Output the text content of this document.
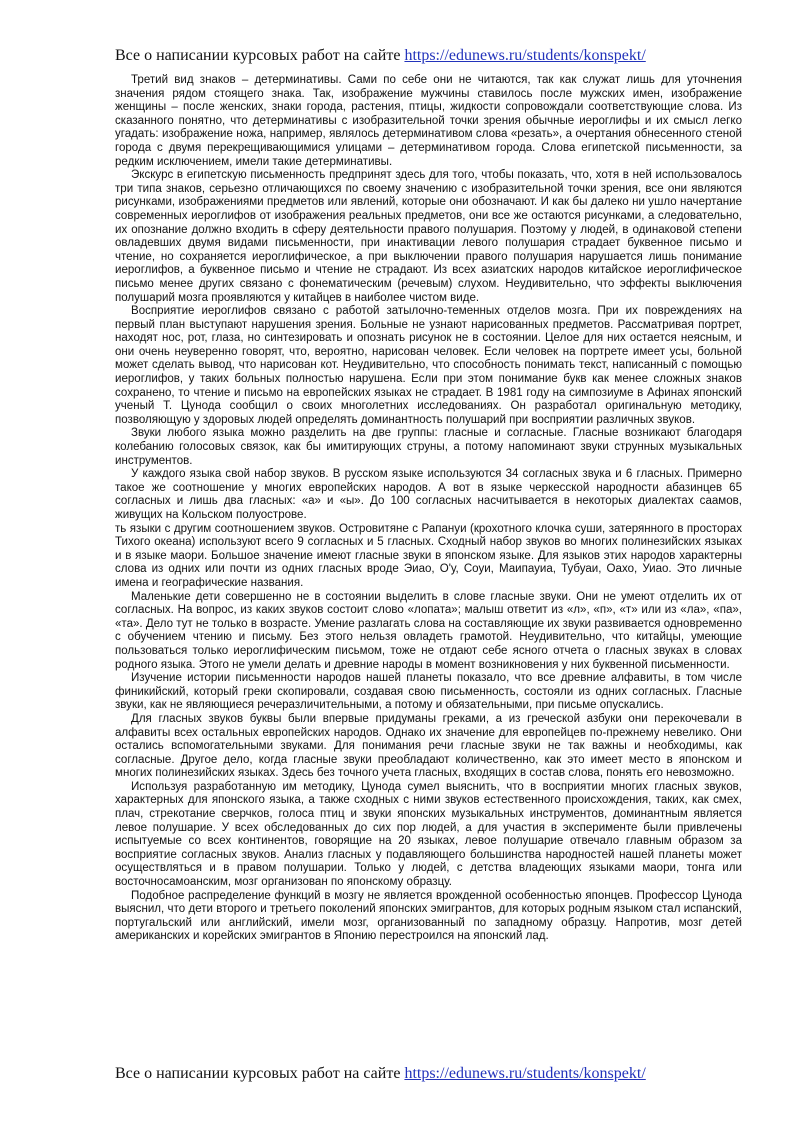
Все о написании курсовых работ на сайте https://edunews.ru/students/konspekt/

Третий вид знаков – детерминативы. Сами по себе они не читаются, так как служат лишь для уточнения значения рядом стоящего знака. Так, изображение мужчины ставилось после мужских имен, изображение женщины – после женских, знаки города, растения, птицы, жидкости сопровождали соответствующие слова. Из сказанного понятно, что детерминативы с изобразительной точки зрения обычные иероглифы и их смысл легко угадать: изображение ножа, например, являлось детерминативом слова «резать», а очертания обнесенного стеной города с двумя перекрещивающимися улицами – детерминативом города. Слова египетской письменности, за редким исключением, имели такие детерминативы.

Экскурс в египетскую письменность предпринят здесь для того, чтобы показать, что, хотя в ней использовалось три типа знаков, серьезно отличающихся по своему значению с изобразительной точки зрения, все они являются рисунками, изображениями предметов или явлений, которые они обозначают. И как бы далеко ни ушло начертание современных иероглифов от изображения реальных предметов, они все же остаются рисунками, а следовательно, их опознание должно входить в сферу деятельности правого полушария. Поэтому у людей, в одинаковой степени овладевших двумя видами письменности, при инактивации левого полушария страдает буквенное письмо и чтение, но сохраняется иероглифическое, а при выключении правого полушария нарушается лишь понимание иероглифов, а буквенное письмо и чтение не страдают. Из всех азиатских народов китайское иероглифическое письмо менее других связано с фонематическим (речевым) слухом. Неудивительно, что эффекты выключения полушарий мозга проявляются у китайцев в наиболее чистом виде.

Восприятие иероглифов связано с работой затылочно-теменных отделов мозга. При их повреждениях на первый план выступают нарушения зрения. Больные не узнают нарисованных предметов. Рассматривая портрет, находят нос, рот, глаза, но синтезировать и опознать рисунок не в состоянии. Целое для них остается неясным, и они очень неуверенно говорят, что, вероятно, нарисован человек. Если человек на портрете имеет усы, больной может сделать вывод, что нарисован кот. Неудивительно, что способность понимать текст, написанный с помощью иероглифов, у таких больных полностью нарушена. Если при этом понимание букв как менее сложных знаков сохранено, то чтение и письмо на европейских языках не страдает. В 1981 году на симпозиуме в Афинах японский ученый Т. Цунода сообщил о своих многолетних исследованиях. Он разработал оригинальную методику, позволяющую у здоровых людей определять доминантность полушарий при восприятии различных звуков.

Звуки любого языка можно разделить на две группы: гласные и согласные. Гласные возникают благодаря колебанию голосовых связок, как бы имитирующих струны, а потому напоминают звуки струнных музыкальных инструментов.

У каждого языка свой набор звуков. В русском языке используются 34 согласных звука и 6 гласных. Примерно такое же соотношение у многих европейских народов. А вот в языке черкесской народности абазинцев 65 согласных и лишь два гласных: «а» и «ы». До 100 согласных насчитывается в некоторых диалектах саамов, живущих на Кольском полуострове.

ть языки с другим соотношением звуков. Островитяне с Рапануи (крохотного клочка суши, затерянного в просторах Тихого океана) используют всего 9 согласных и 5 гласных. Сходный набор звуков во многих полинезийских языках и в языке маори. Большое значение имеют гласные звуки в японском языке. Для языков этих народов характерны слова из одних или почти из одних гласных вроде Эиао, О'у, Соуи, Маипауиа, Тубуаи, Оахо, Уиао. Это личные имена и географические названия.

Маленькие дети совершенно не в состоянии выделить в слове гласные звуки. Они не умеют отделить их от согласных. На вопрос, из каких звуков состоит слово «лопата»; малыш ответит из «л», «п», «т» или из «ла», «па», «та». Дело тут не только в возрасте. Умение разлагать слова на составляющие их звуки развивается одновременно с обучением чтению и письму. Без этого нельзя овладеть грамотой. Неудивительно, что китайцы, умеющие пользоваться только иероглифическим письмом, тоже не отдают себе ясного отчета о гласных звуках в словах родного языка. Этого не умели делать и древние народы в момент возникновения у них буквенной письменности.

Изучение истории письменности народов нашей планеты показало, что все древние алфавиты, в том числе финикийский, который греки скопировали, создавая свою письменность, состояли из одних согласных. Гласные звуки, как не являющиеся речеразличительными, а потому и обязательными, при письме опускались.

Для гласных звуков буквы были впервые придуманы греками, а из греческой азбуки они перекочевали в алфавиты всех остальных европейских народов. Однако их значение для европейцев по-прежнему невелико. Они остались вспомогательными звуками. Для понимания речи гласные звуки не так важны и необходимы, как согласные. Другое дело, когда гласные звуки преобладают количественно, как это имеет место в японском и многих полинезийских языках. Здесь без точного учета гласных, входящих в состав слова, понять его невозможно.

Используя разработанную им методику, Цунода сумел выяснить, что в восприятии многих гласных звуков, характерных для японского языка, а также сходных с ними звуков естественного происхождения, таких, как смех, плач, стрекотание сверчков, голоса птиц и звуки японских музыкальных инструментов, доминантным является левое полушарие. У всех обследованных до сих пор людей, а для участия в эксперименте были привлечены испытуемые со всех континентов, говорящие на 20 языках, левое полушарие отвечало главным образом за восприятие согласных звуков. Анализ гласных у подавляющего большинства народностей нашей планеты может осуществляться и в правом полушарии. Только у людей, с детства владеющих языками маори, тонга или восточносамоанским, мозг организован по японскому образцу.

Подобное распределение функций в мозгу не является врожденной особенностью японцев. Профессор Цунода выяснил, что дети второго и третьего поколений японских эмигрантов, для которых родным языком стал испанский, португальский или английский, имели мозг, организованный по западному образцу. Напротив, мозг детей американских и корейских эмигрантов в Японию перестроился на японский лад.

Все о написании курсовых работ на сайте https://edunews.ru/students/konspekt/
